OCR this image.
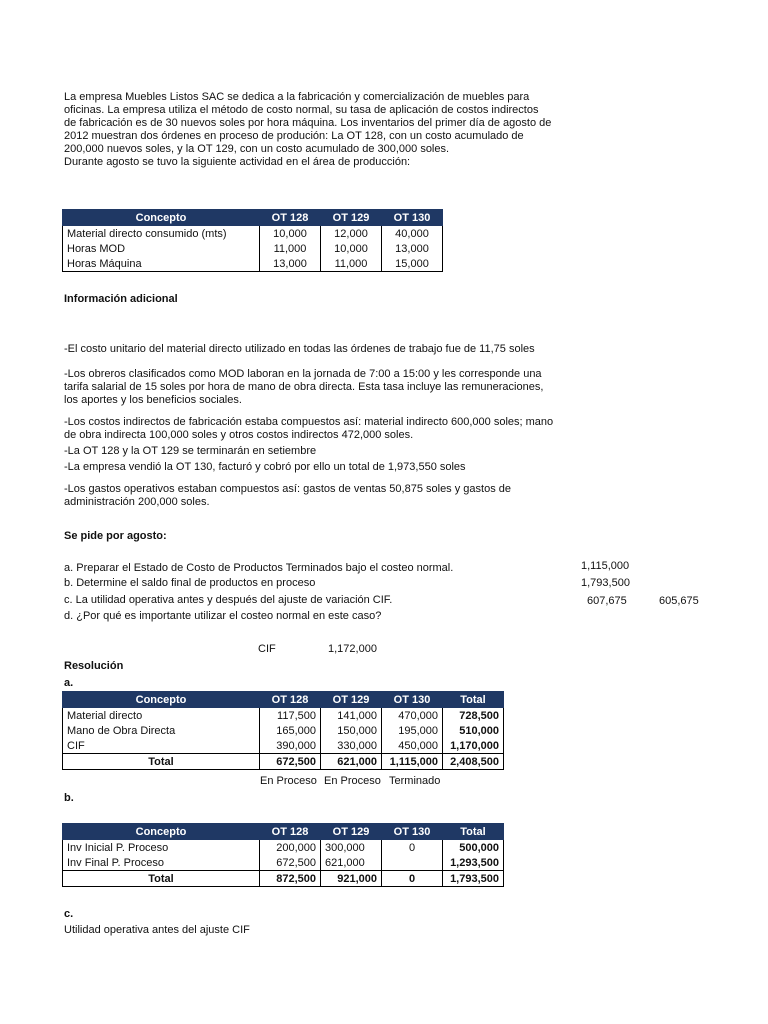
La empresa Muebles Listos SAC se dedica a la fabricación y comercialización de muebles para
oficinas. La empresa utiliza el método de costo normal, su tasa de aplicación de costos indirectos
de fabricación es de 30 nuevos soles por hora máquina. Los inventarios del primer día de agosto de
2012 muestran dos órdenes en proceso de produción: La OT 128, con un costo acumulado de
200,000 nuevos soles, y la OT 129, con un costo acumulado de 300,000 soles.
Durante agosto se tuvo la siguiente actividad en el área de producción:
Concepto	OT 128	OT 129	OT 130
Material directo consumido (mts)	10,000	12,000	40,000
Horas MOD	11,000	10,000	13,000
Horas Máquina	13,000	11,000	15,000
Información adicional
-El costo unitario del material directo utilizado en todas las órdenes de trabajo fue de 11,75 soles
-Los obreros clasificados como MOD laboran en la jornada de 7:00 a 15:00 y les corresponde una
tarifa salarial de 15 soles por hora de mano de obra directa. Esta tasa incluye las remuneraciones,
los aportes y los beneficios sociales.
-Los costos indirectos de fabricación estaba compuestos así: material indirecto 600,000 soles; mano
de obra indirecta 100,000 soles y otros costos indirectos 472,000 soles.
-La OT 128 y la OT 129 se terminarán en setiembre
-La empresa vendió la OT 130, facturó y cobró por ello un total de 1,973,550 soles
-Los gastos operativos estaban compuestos así: gastos de ventas 50,875 soles y gastos de
administración 200,000 soles.
Se pide por agosto:
a. Preparar el Estado de Costo de Productos Terminados bajo el costeo normal.	1,115,000
b. Determine el saldo final de productos en proceso	1,793,500
c. La utilidad operativa antes y después del ajuste de variación CIF.	607,675	605,675
d. ¿Por qué es importante utilizar el costeo normal en este caso?
CIF	1,172,000
Resolución
a.
Concepto	OT 128	OT 129	OT 130	Total
Material directo	117,500	141,000	470,000	728,500
Mano de Obra Directa	165,000	150,000	195,000	510,000
CIF	390,000	330,000	450,000	1,170,000
Total	672,500	621,000	1,115,000	2,408,500
En Proceso En Proceso Terminado
b.
Concepto	OT 128	OT 129	OT 130	Total
Inv Inicial P. Proceso	200,000	300,000	0	500,000
Inv Final P. Proceso	672,500	621,000		1,293,500
Total	872,500	921,000	0	1,793,500
c.
Utilidad operativa antes del ajuste CIF
